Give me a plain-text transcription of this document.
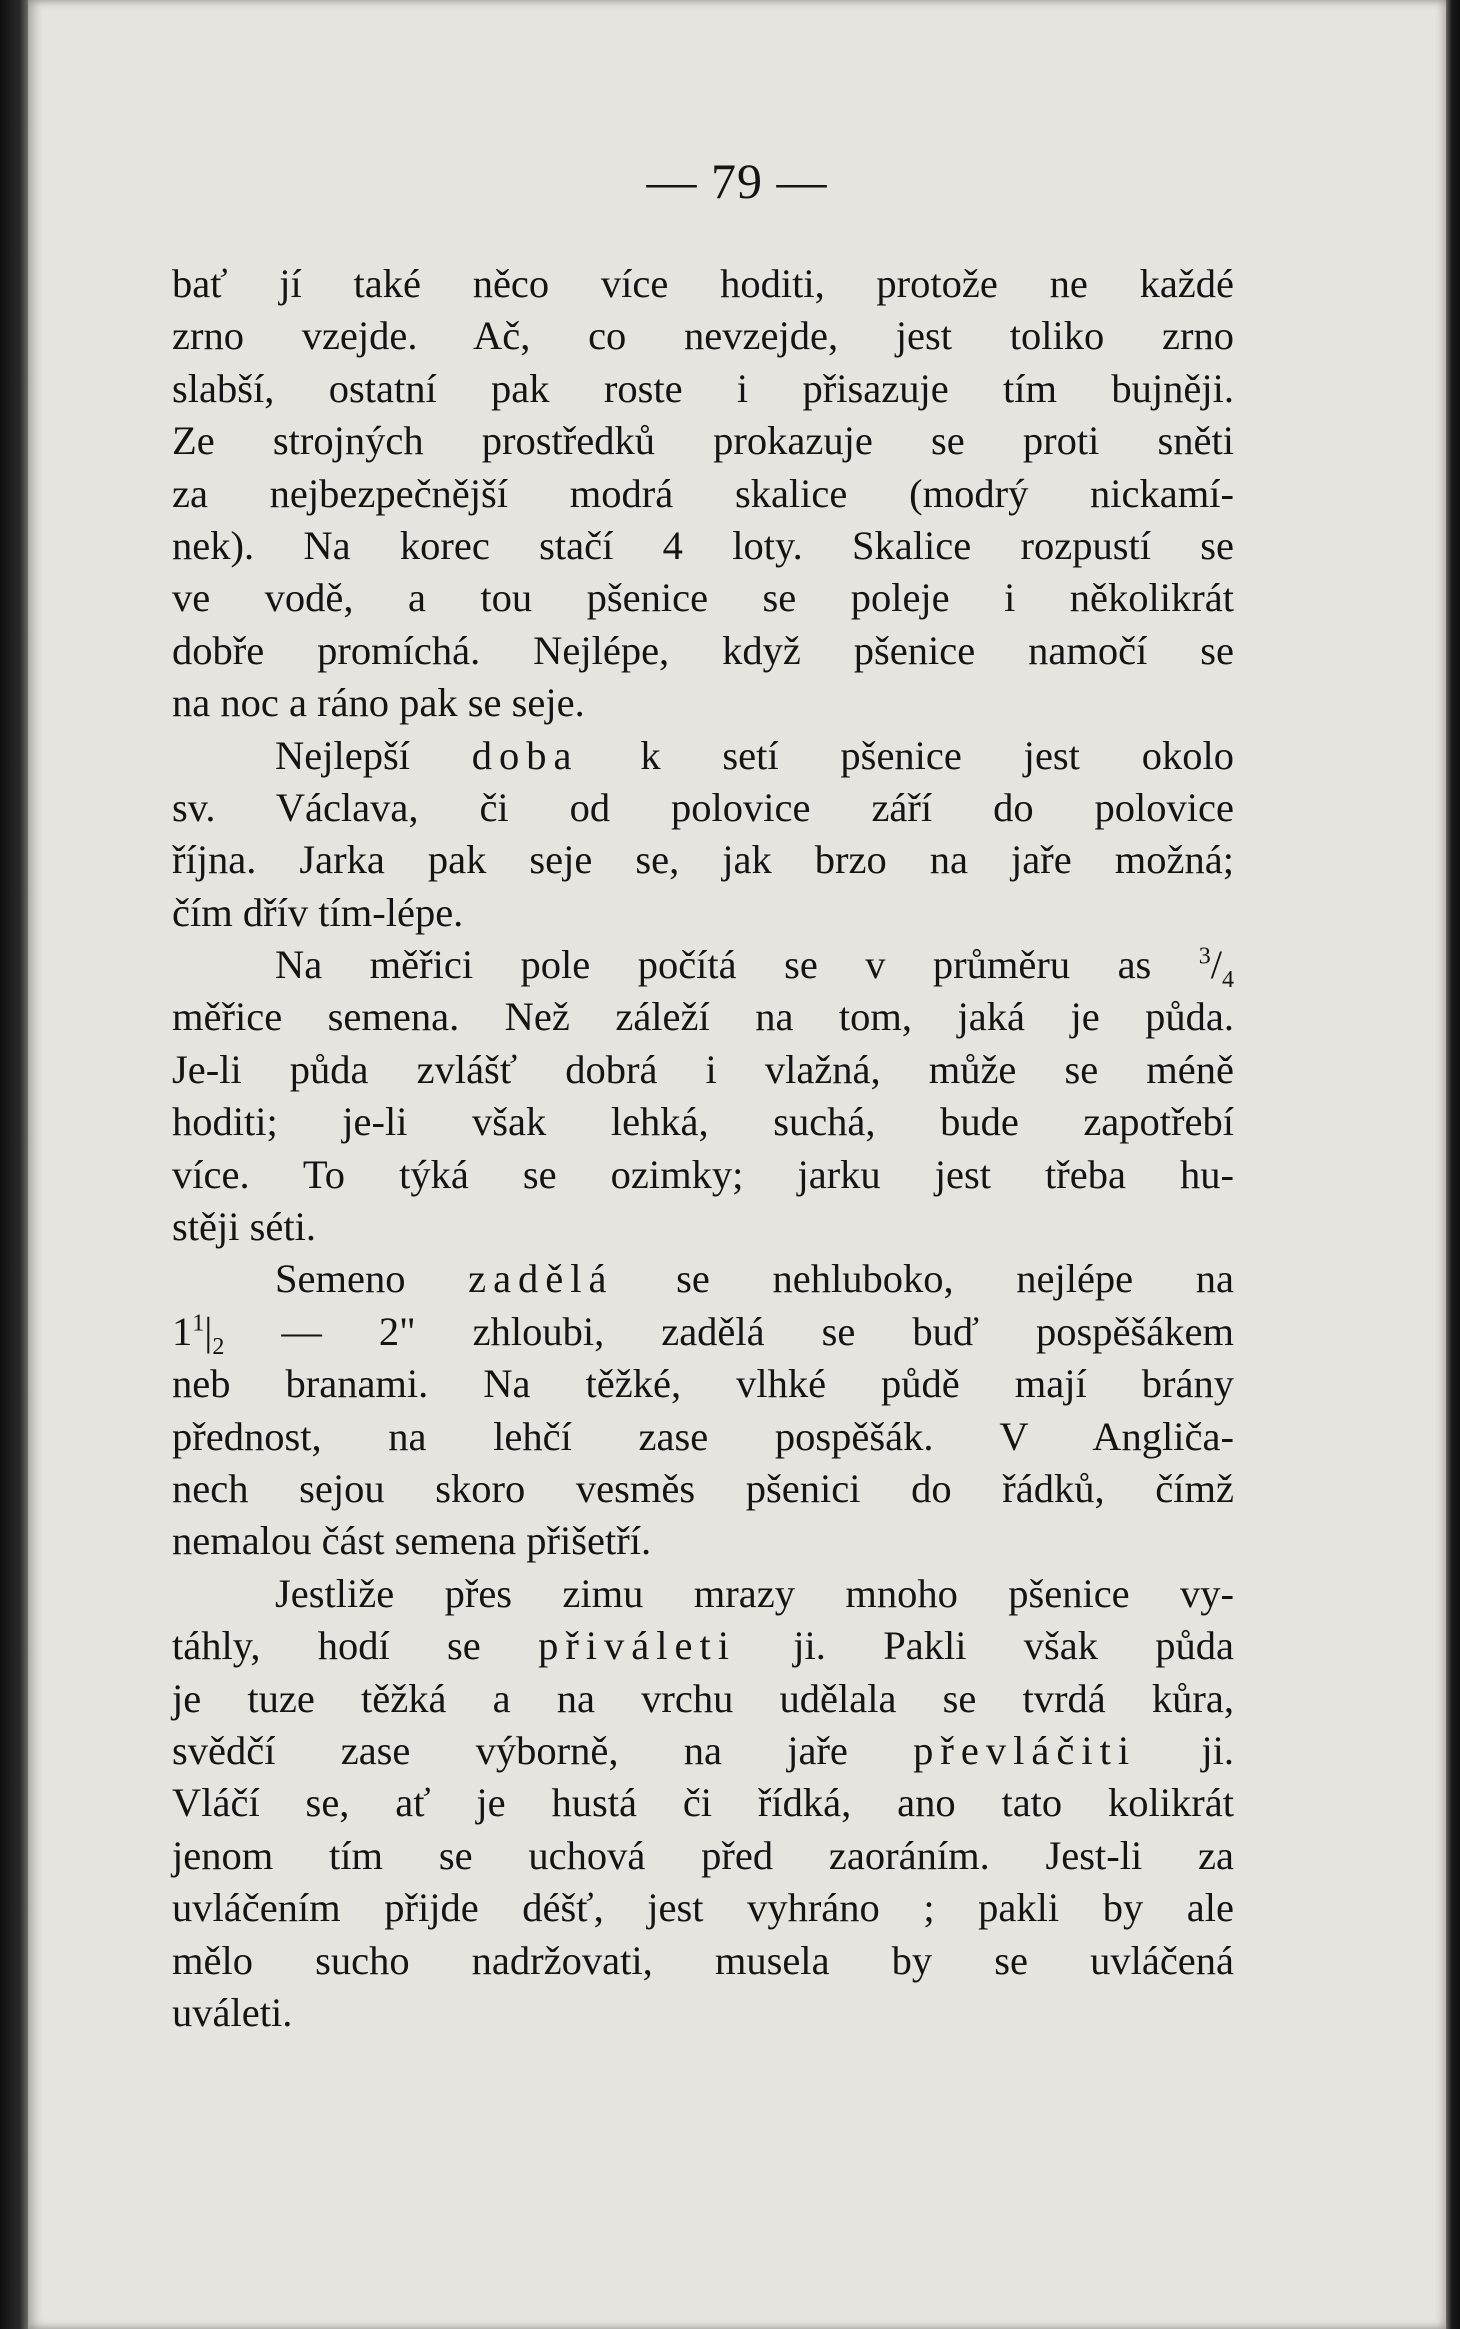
— 79 —
bať jí také něco více hoditi, protože ne každé
zrno vzejde. Ač, co nevzejde, jest toliko zrno
slabší, ostatní pak roste i přisazuje tím bujněji.
Ze strojných prostředků prokazuje se proti sněti
za nejbezpečnější modrá skalice (modrý nickamí-
nek). Na korec stačí 4 loty. Skalice rozpustí se
ve vodě, a tou pšenice se poleje i několikrát
dobře promíchá. Nejlépe, když pšenice namočí se
na noc a ráno pak se seje.
Nejlepší doba k setí pšenice jest okolo
sv. Václava, či od polovice září do polovice
října. Jarka pak seje se, jak brzo na jaře možná;
čím dřív tím-lépe.
Na měřici pole počítá se v průměru as $^3/_4$
měřice semena. Než záleží na tom, jaká je půda.
Je-li půda zvlášť dobrá i vlažná, může se méně
hoditi; je-li však lehká, suchá, bude zapotřebí
více. To týká se ozimky; jarku jest třeba hu-
stěji séti.
Semeno zadělá se nehluboko, nejlépe na
$1^1|_2$ — 2" zhloubi, zadělá se buď pospěšákem
neb branami. Na těžké, vlhké půdě mají brány
přednost, na lehčí zase pospěšák. V Angliča-
nech sejou skoro vesměs pšenici do řádků, čímž
nemalou část semena přišetří.
Jestliže přes zimu mrazy mnoho pšenice vy-
táhly, hodí se přiváleti ji. Pakli však půda
je tuze těžká a na vrchu udělala se tvrdá kůra,
svědčí zase výborně, na jaře převláčiti ji.
Vláčí se, ať je hustá či řídká, ano tato kolikrát
jenom tím se uchová před zaoráním. Jest-li za
uvláčením přijde déšť, jest vyhráno ; pakli by ale
mělo sucho nadržovati, musela by se uvláčená
uváleti.
